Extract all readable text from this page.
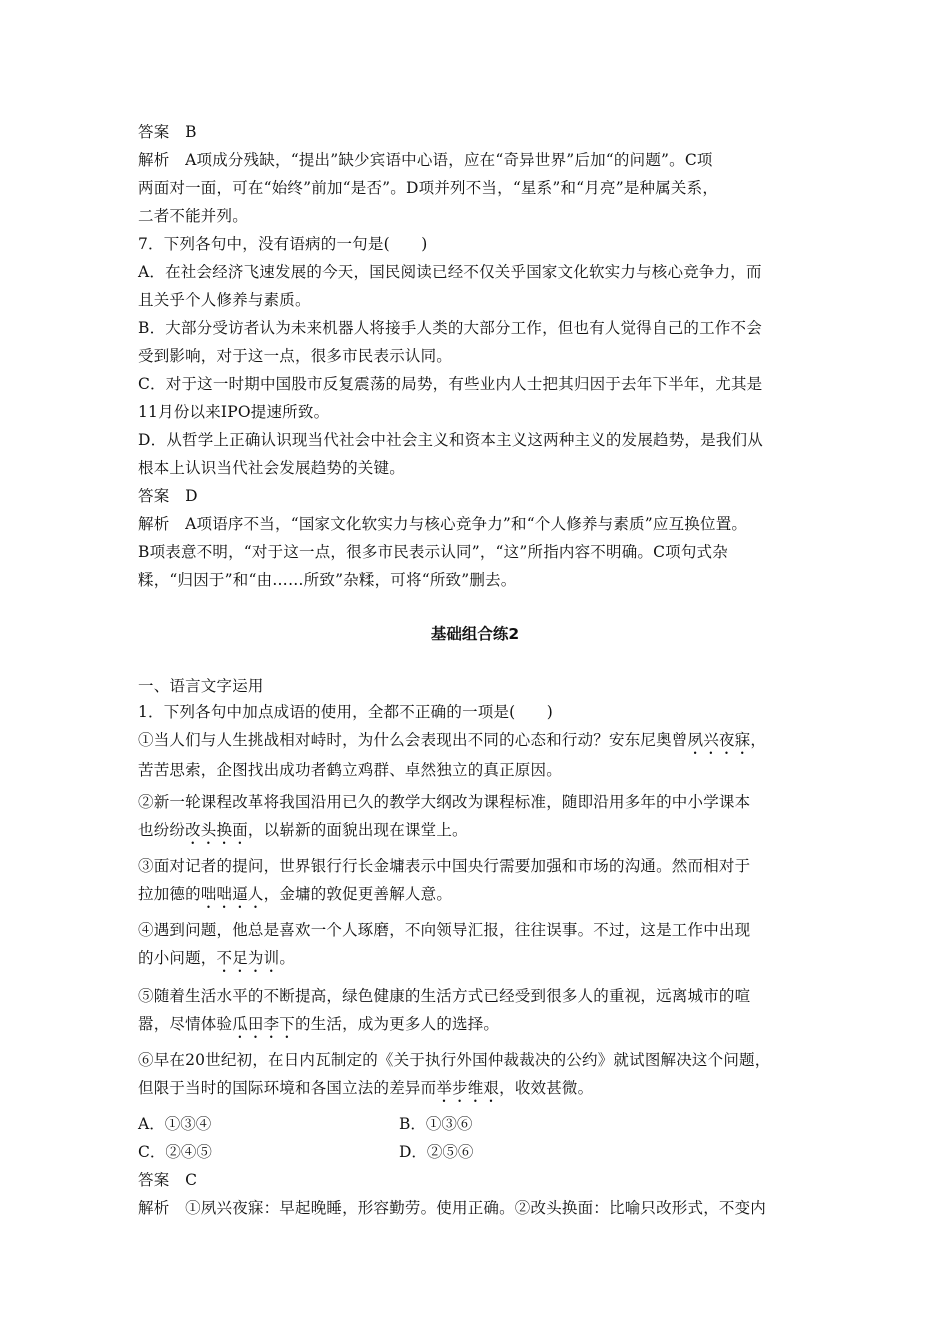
答案　B
解析　A项成分残缺，“提出”缺少宾语中心语，应在“奇异世界”后加“的问题”。C项
两面对一面，可在“始终”前加“是否”。D项并列不当，“星系”和“月亮”是种属关系，
二者不能并列。
7．下列各句中，没有语病的一句是(　　)
A．在社会经济飞速发展的今天，国民阅读已经不仅关乎国家文化软实力与核心竞争力，而
且关乎个人修养与素质。
B．大部分受访者认为未来机器人将接手人类的大部分工作，但也有人觉得自己的工作不会
受到影响，对于这一点，很多市民表示认同。
C．对于这一时期中国股市反复震荡的局势，有些业内人士把其归因于去年下半年，尤其是
11月份以来IPO提速所致。
D．从哲学上正确认识现当代社会中社会主义和资本主义这两种主义的发展趋势，是我们从
根本上认识当代社会发展趋势的关键。
答案　D
解析　A项语序不当，“国家文化软实力与核心竞争力”和“个人修养与素质”应互换位置。
B项表意不明，“对于这一点，很多市民表示认同”，“这”所指内容不明确。C项句式杂
糅，“归因于”和“由……所致”杂糅，可将“所致”删去。
基础组合练2
一、语言文字运用
1．下列各句中加点成语的使用，全都不正确的一项是(　　)
①当人们与人生挑战相对峙时，为什么会表现出不同的心态和行动？安东尼奥曾夙兴夜寐，
苦苦思索，企图找出成功者鹤立鸡群、卓然独立的真正原因。
②新一轮课程改革将我国沿用已久的教学大纲改为课程标准，随即沿用多年的中小学课本
也纷纷改头换面，以崭新的面貌出现在课堂上。
③面对记者的提问，世界银行行长金墉表示中国央行需要加强和市场的沟通。然而相对于
拉加德的咄咄逼人，金墉的敦促更善解人意。
④遇到问题，他总是喜欢一个人琢磨，不向领导汇报，往往误事。不过，这是工作中出现
的小问题，不足为训。
⑤随着生活水平的不断提高，绿色健康的生活方式已经受到很多人的重视，远离城市的喧
嚣，尽情体验瓜田李下的生活，成为更多人的选择。
⑥早在20世纪初，在日内瓦制定的《关于执行外国仲裁裁决的公约》就试图解决这个问题，
但限于当时的国际环境和各国立法的差异而举步维艰，收效甚微。
A．①③④	B．①③⑥
C．②④⑤	D．②⑤⑥
答案　C
解析　①夙兴夜寐：早起晚睡，形容勤劳。使用正确。②改头换面：比喻只改形式，不变内
